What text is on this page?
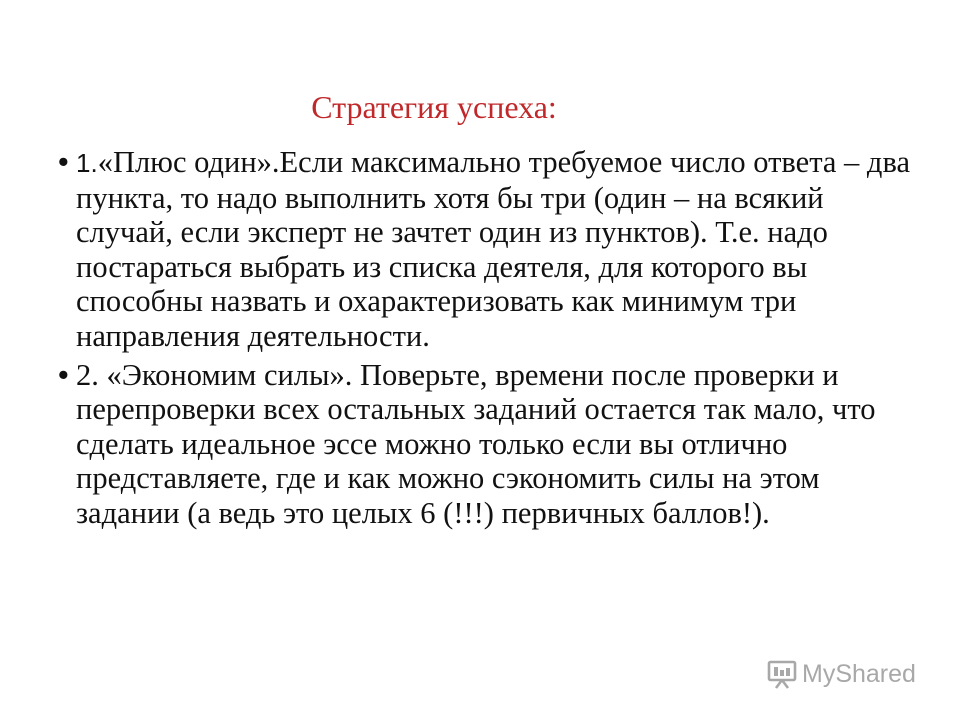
Стратегия успеха:
• 1.«Плюс один».Если максимально требуемое число ответа – два пункта, то надо выполнить хотя бы три (один – на всякий случай, если эксперт не зачтет один из пунктов). Т.е. надо постараться выбрать из списка деятеля, для которого вы способны назвать и охарактеризовать как минимум три направления деятельности.
• 2. «Экономим силы». Поверьте, времени после проверки и перепроверки всех остальных заданий остается так мало, что сделать идеальное эссе можно только если вы отлично представляете, где и как можно сэкономить силы на этом задании (а ведь это целых 6 (!!!) первичных баллов!).
MyShared
